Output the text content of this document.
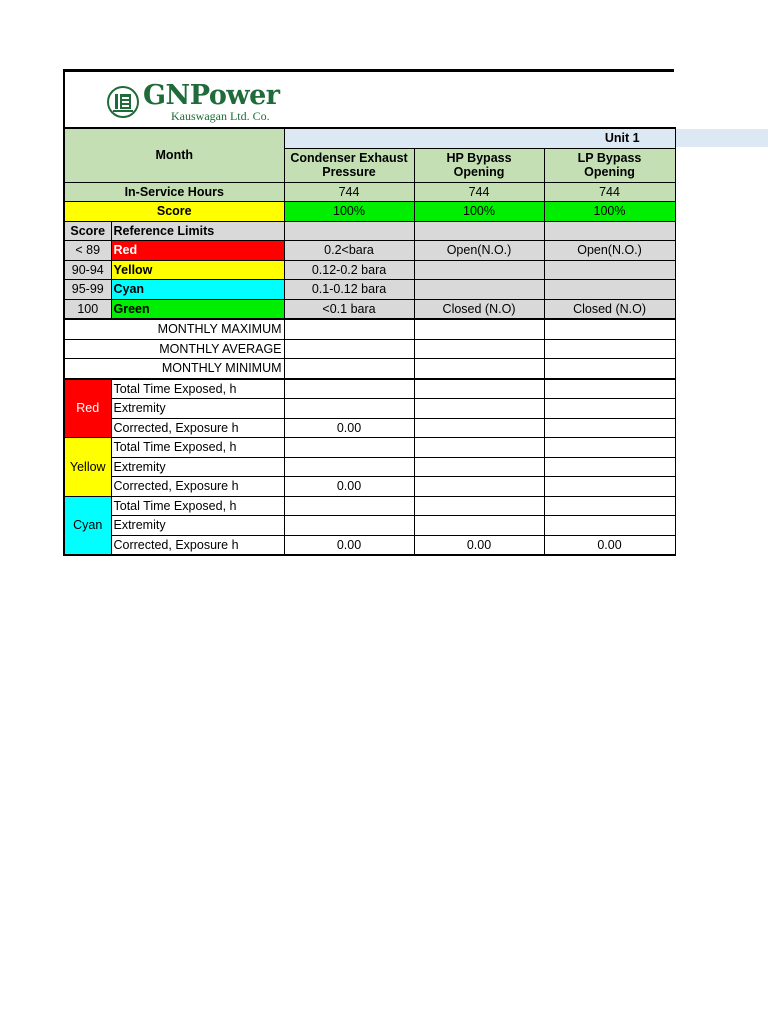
GNPower
Kauswagan Ltd. Co.
Month		Unit 1		
		Condenser Exhaust Pressure	HP Bypass Opening	LP Bypass Opening
In-Service Hours		744	744	744
Score		100%	100%	100%
Score	Reference Limits			
< 89	Red	0.2<bara	Open(N.O.)	Open(N.O.)
90-94	Yellow	0.12-0.2 bara		
95-99	Cyan	0.1-0.12 bara		
100	Green	<0.1 bara	Closed (N.O)	Closed (N.O)
MONTHLY MAXIMUM				
MONTHLY AVERAGE				
MONTHLY MINIMUM				
Red	Total Time Exposed, h			
	Extremity			
	Corrected, Exposure h	0.00		
Yellow	Total Time Exposed, h			
	Extremity			
	Corrected, Exposure h	0.00		
Cyan	Total Time Exposed, h			
	Extremity			
	Corrected, Exposure h	0.00	0.00	0.00
